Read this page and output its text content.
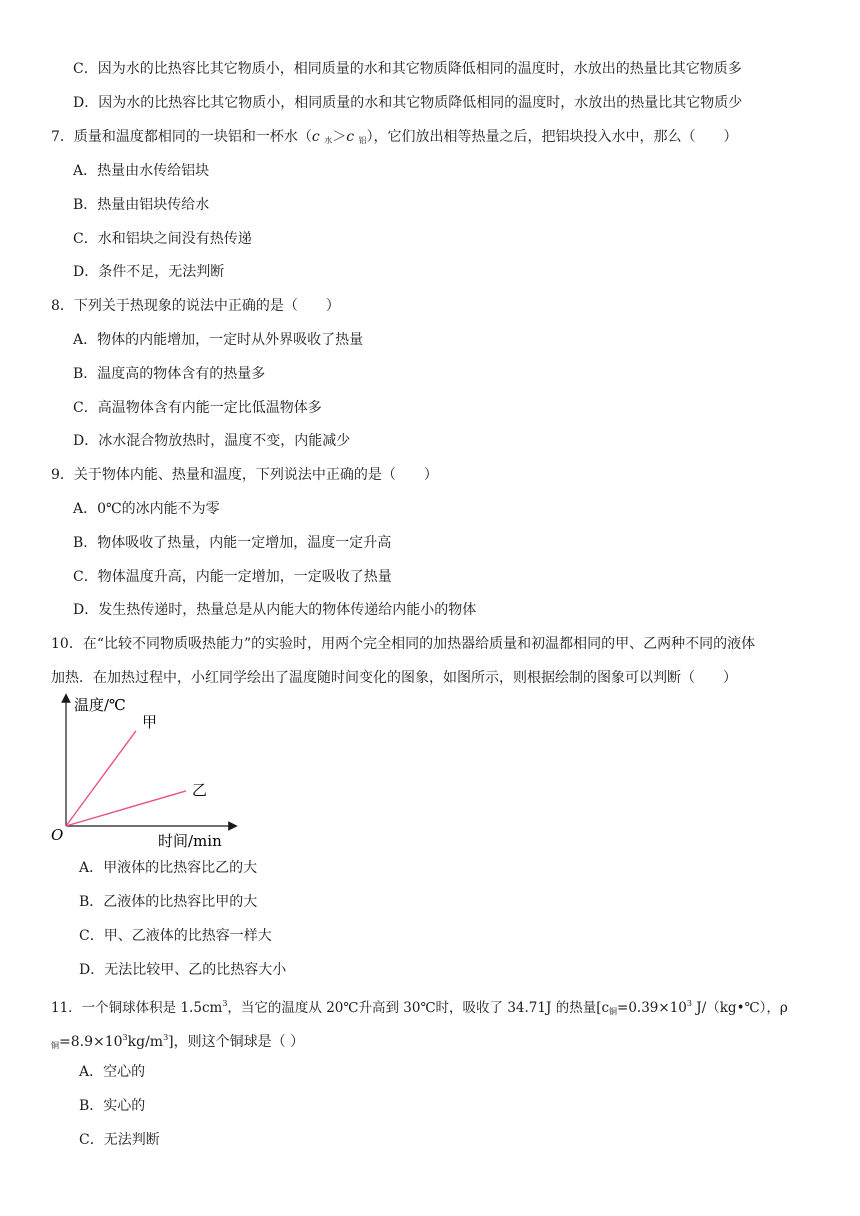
C．因为水的比热容比其它物质小，相同质量的水和其它物质降低相同的温度时，水放出的热量比其它物质多
D．因为水的比热容比其它物质小，相同质量的水和其它物质降低相同的温度时，水放出的热量比其它物质少
7．质量和温度都相同的一块铝和一杯水（c $_水$＞c $_铝$），它们放出相等热量之后，把铝块投入水中，那么（　　）
A．热量由水传给铝块
B．热量由铝块传给水
C．水和铝块之间没有热传递
D．条件不足，无法判断
8．下列关于热现象的说法中正确的是（　　）
A．物体的内能增加，一定时从外界吸收了热量
B．温度高的物体含有的热量多
C．高温物体含有内能一定比低温物体多
D．冰水混合物放热时，温度不变，内能减少
9．关于物体内能、热量和温度，下列说法中正确的是（　　）
A．0℃的冰内能不为零
B．物体吸收了热量，内能一定增加，温度一定升高
C．物体温度升高，内能一定增加，一定吸收了热量
D．发生热传递时，热量总是从内能大的物体传递给内能小的物体
10．在“比较不同物质吸热能力”的实验时，用两个完全相同的加热器给质量和初温都相同的甲、乙两种不同的液体
加热．在加热过程中，小红同学绘出了温度随时间变化的图象，如图所示，则根据绘制的图象可以判断（　　）
温度/℃
时间/min
O
甲
乙
A．甲液体的比热容比乙的大
B．乙液体的比热容比甲的大
C．甲、乙液体的比热容一样大
D．无法比较甲、乙的比热容大小
11．一个铜球体积是 $1.5cm^3$，当它的温度从 20℃升高到 30℃时，吸收了 34.71J 的热量[$c_铜=0.39\times 10^3$ J/（kg•℃），ρ
$_铜=8.9\times 10^3kg/m^3$]，则这个铜球是（ ）
A．空心的
B．实心的
C．无法判断
